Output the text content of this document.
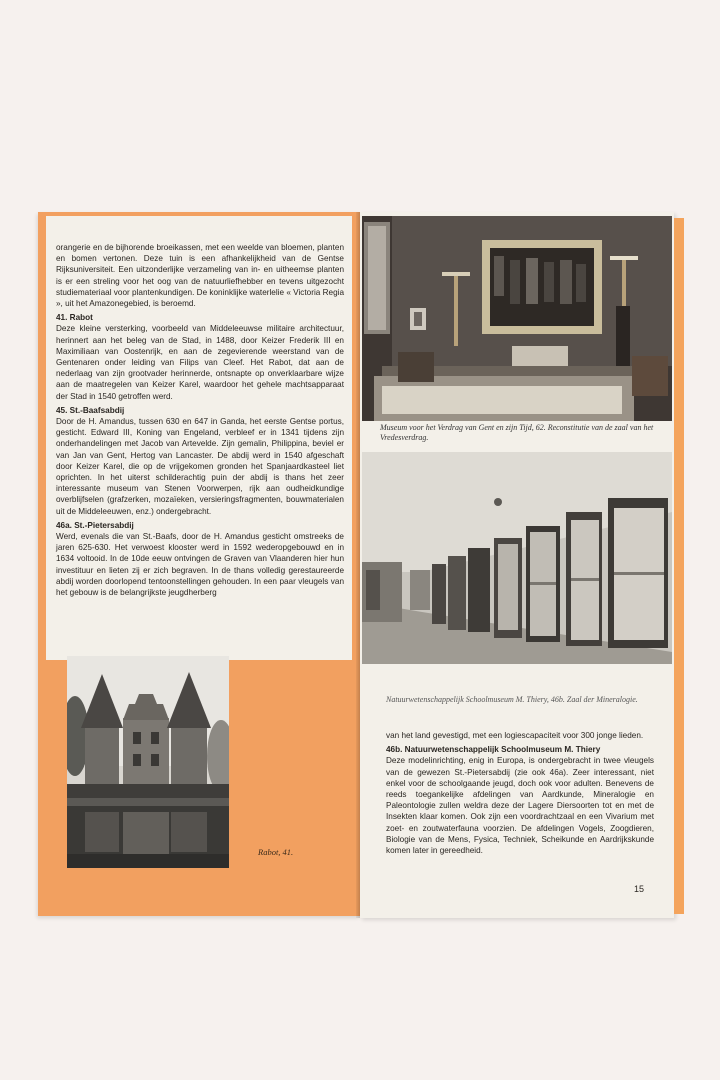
orangerie en de bijhorende broeikassen, met een weelde van bloemen, planten en bomen vertonen. Deze tuin is een afhankelijkheid van de Gentse Rijksuniversiteit. Een uitzonderlijke verzameling van in- en uitheemse planten is er een streling voor het oog van de natuurliefhebber en tevens uitgezocht studiemateriaal voor plantenkundigen. De koninklijke waterlelie « Victoria Regia », uit het Amazonegebied, is beroemd.

41. Rabot

Deze kleine versterking, voorbeeld van Middeleeuwse militaire architectuur, herinnert aan het beleg van de Stad, in 1488, door Keizer Frederik III en Maximiliaan van Oostenrijk, en aan de zegevierende weerstand van de Gentenaren onder leiding van Filips van Cleef. Het Rabot, dat aan de nederlaag van zijn grootvader herinnerde, ontsnapte op onverklaarbare wijze aan de maatregelen van Keizer Karel, waardoor het gehele machtsapparaat der Stad in 1540 getroffen werd.

45. St.-Baafsabdij

Door de H. Amandus, tussen 630 en 647 in Ganda, het eerste Gentse portus, gesticht. Edward III, Koning van Engeland, verbleef er in 1341 tijdens zijn onderhandelingen met Jacob van Artevelde. Zijn gemalin, Philippina, beviel er van Jan van Gent, Hertog van Lancaster. De abdij werd in 1540 afgeschaft door Keizer Karel, die op de vrijgekomen gronden het Spanjaardkasteel liet oprichten. In het uiterst schilderachtig puin der abdij is thans het zeer interessante museum van Stenen Voorwerpen, rijk aan oudheidkundige overblijfselen (grafzerken, mozaïeken, versieringsfragmenten, bouwmaterialen uit de Middeleeuwen, enz.) ondergebracht.

46a. St.-Pietersabdij

Werd, evenals die van St.-Baafs, door de H. Amandus gesticht omstreeks de jaren 625-630. Het verwoest klooster werd in 1592 wederopgebouwd en in 1634 voltooid. In de 10de eeuw ontvingen de Graven van Vlaanderen hier hun investituur en lieten zij er zich begraven. In de thans volledig gerestaureerde abdij worden doorlopend tentoonstellingen gehouden. In een paar vleugels van het gebouw is de belangrijkste jeugdherberg

Rabot, 41.
Museum voor het Verdrag van Gent en zijn Tijd, 62. Reconstitutie van de zaal van het Vredesverdrag.
Natuurwetenschappelijk Schoolmuseum M. Thiery, 46b. Zaal der Mineralogie.

van het land gevestigd, met een logiescapaciteit voor 300 jonge lieden.

46b. Natuurwetenschappelijk Schoolmuseum M. Thiery

Deze modelinrichting, enig in Europa, is ondergebracht in twee vleugels van de gewezen St.-Pietersabdij (zie ook 46a). Zeer interessant, niet enkel voor de schoolgaande jeugd, doch ook voor adulten. Benevens de reeds toegankelijke afdelingen van Aardkunde, Mineralogie en Paleontologie zullen weldra deze der Lagere Diersoorten tot en met de Insekten klaar komen. Ook zijn een voordrachtzaal en een Vivarium met zoet- en zoutwaterfauna voorzien. De afdelingen Vogels, Zoogdieren, Biologie van de Mens, Fysica, Techniek, Scheikunde en Aardrijkskunde komen later in gereedheid.

15
